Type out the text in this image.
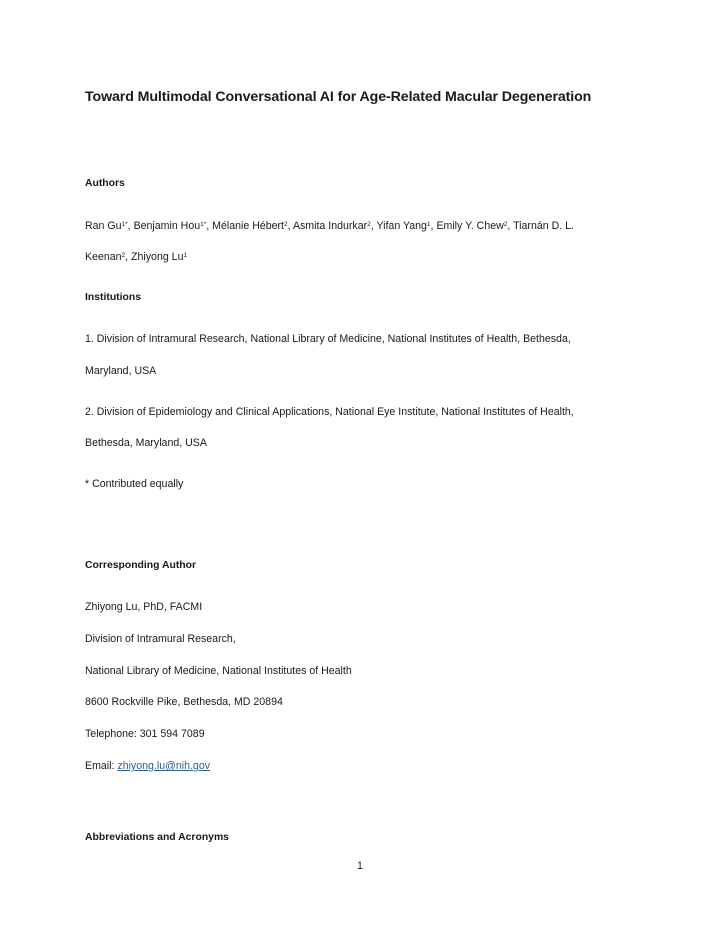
Toward Multimodal Conversational AI for Age-Related Macular Degeneration
Authors
Ran $Gu^{1*}$, Benjamin Hou$^{1*}$, Mélanie Hébert$^2$, Asmita Indurkar$^2$, Yifan Yang$^1$, Emily Y. Chew$^2$, Tiarnán D. L.
Keenan$^2$, Zhiyong Lu$^1$
Institutions
1. Division of Intramural Research, National Library of Medicine, National Institutes of Health, Bethesda,
Maryland, USA
2. Division of Epidemiology and Clinical Applications, National Eye Institute, National Institutes of Health,
Bethesda, Maryland, USA
* Contributed equally
Corresponding Author
Zhiyong Lu, PhD, FACMI
Division of Intramural Research,
National Library of Medicine, National Institutes of Health
8600 Rockville Pike, Bethesda, MD 20894
Telephone: 301 594 7089
Email: zhiyong.lu@nih.gov
Abbreviations and Acronyms
1
